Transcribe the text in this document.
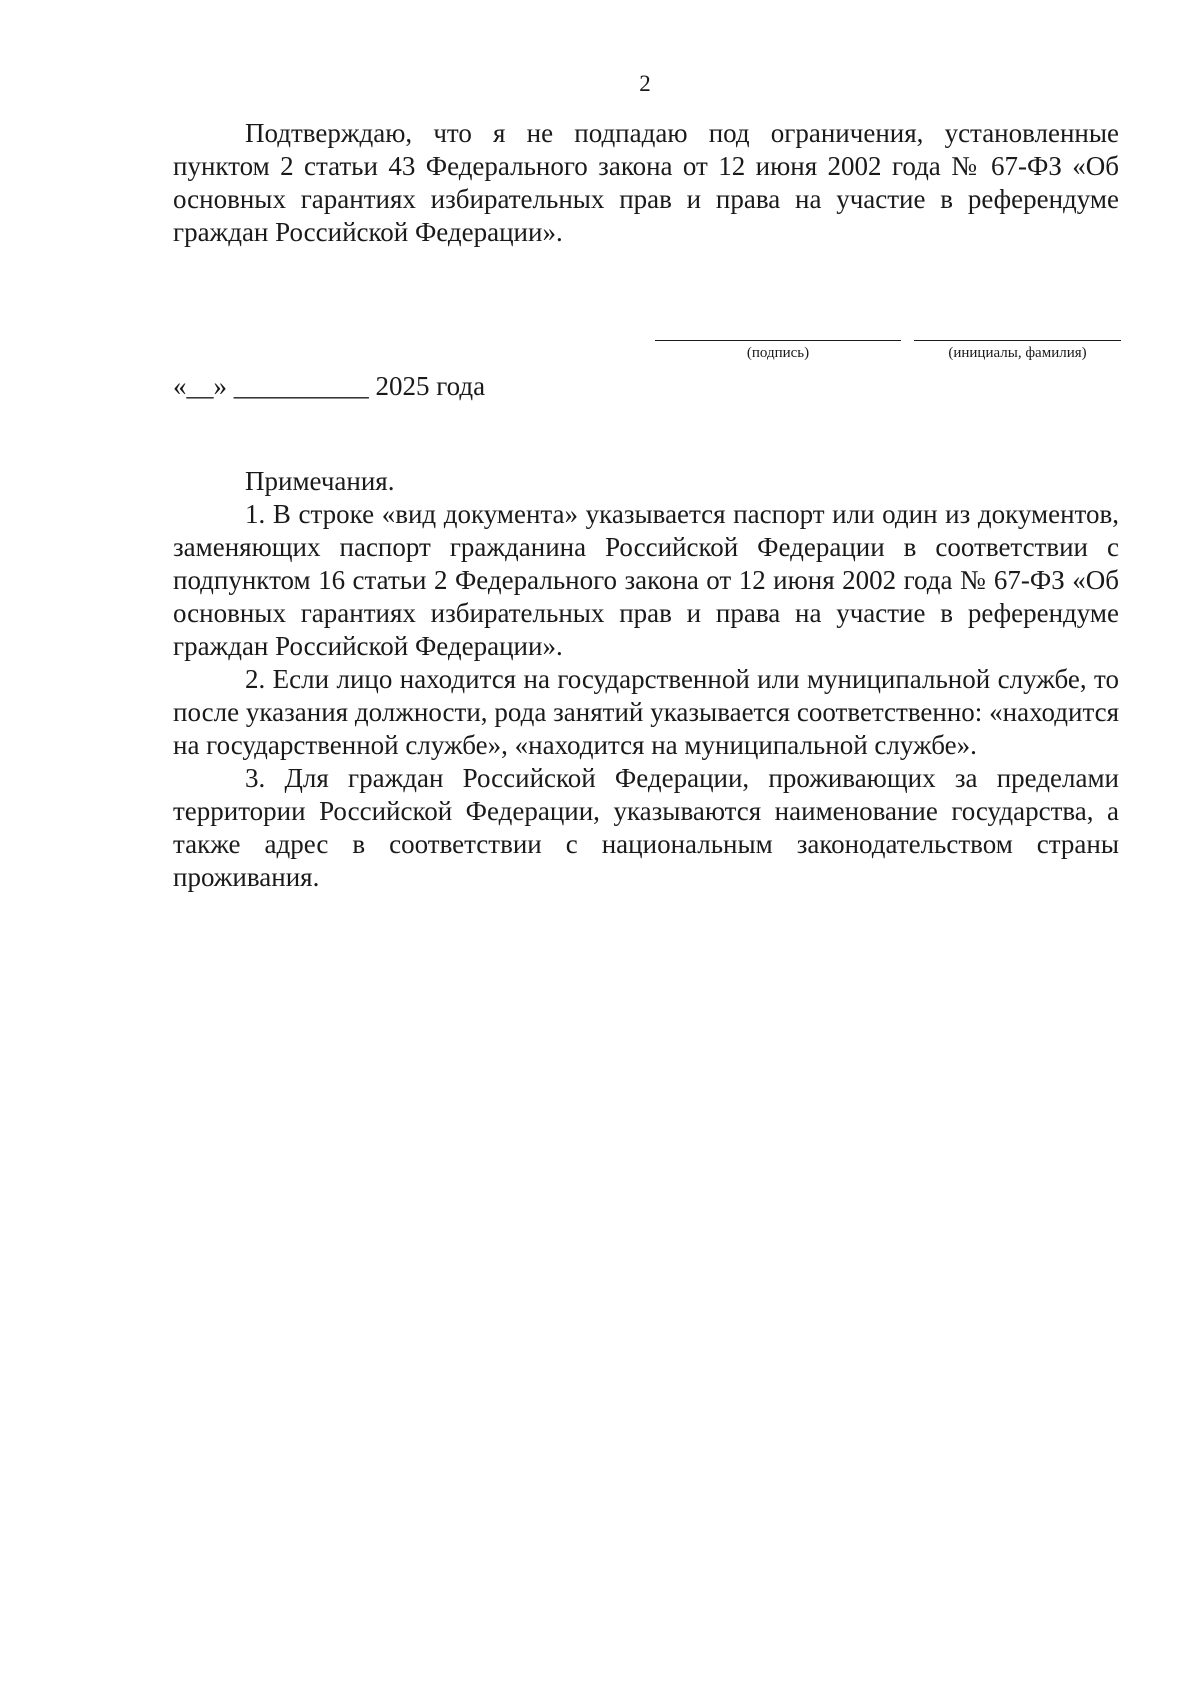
2

Подтверждаю, что я не подпадаю под ограничения, установленные пунктом 2 статьи 43 Федерального закона от 12 июня 2002 года № 67-ФЗ «Об основных гарантиях избирательных прав и права на участие в референдуме граждан Российской Федерации».

(подпись)	(инициалы, фамилия)
«__» __________ 2025 года

Примечания.

1. В строке «вид документа» указывается паспорт или один из документов, заменяющих паспорт гражданина Российской Федерации в соответствии с подпунктом 16 статьи 2 Федерального закона от 12 июня 2002 года № 67-ФЗ «Об основных гарантиях избирательных прав и права на участие в референдуме граждан Российской Федерации».

2. Если лицо находится на государственной или муниципальной службе, то после указания должности, рода занятий указывается соответственно: «находится на государственной службе», «находится на муниципальной службе».

3. Для граждан Российской Федерации, проживающих за пределами территории Российской Федерации, указываются наименование государства, а также адрес в соответствии с национальным законодательством страны проживания.
